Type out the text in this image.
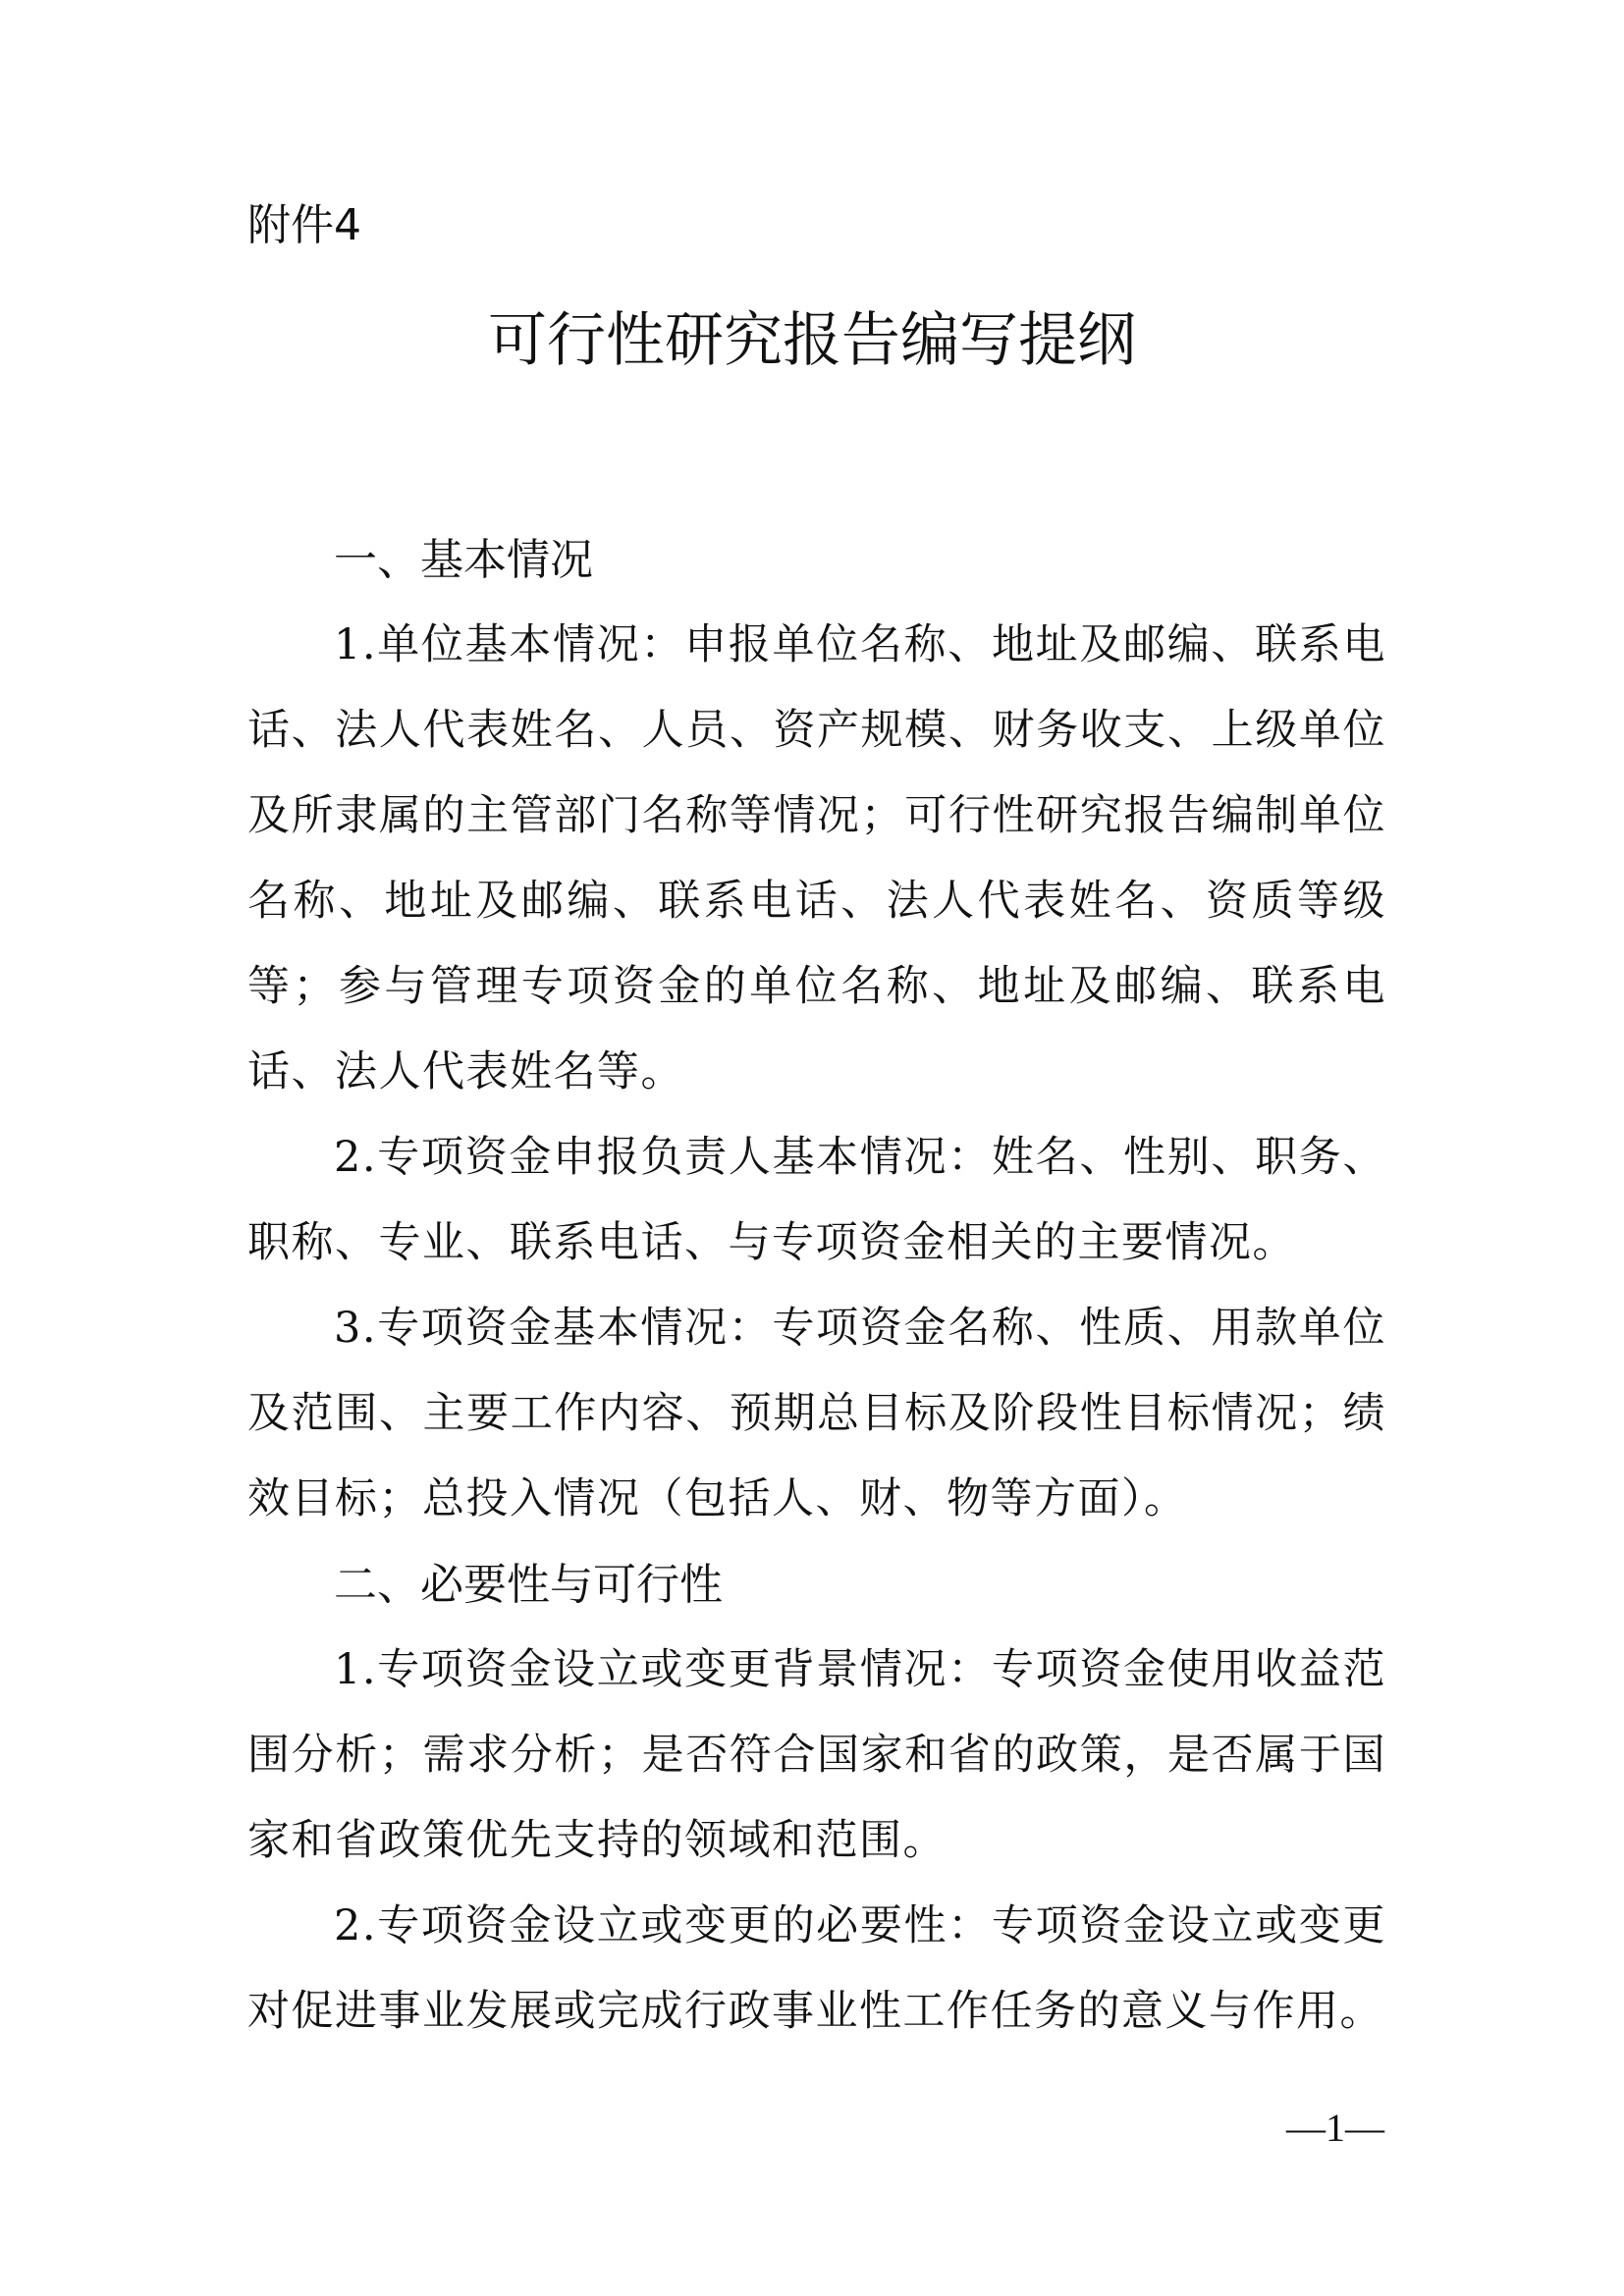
附件4
可行性研究报告编写提纲
一、基本情况

1.单位基本情况：申报单位名称、地址及邮编、联系电话、法人代表姓名、人员、资产规模、财务收支、上级单位及所隶属的主管部门名称等情况；可行性研究报告编制单位名称、地址及邮编、联系电话、法人代表姓名、资质等级等；参与管理专项资金的单位名称、地址及邮编、联系电话、法人代表姓名等。

2.专项资金申报负责人基本情况：姓名、性别、职务、职称、专业、联系电话、与专项资金相关的主要情况。

3.专项资金基本情况：专项资金名称、性质、用款单位及范围、主要工作内容、预期总目标及阶段性目标情况；绩效目标；总投入情况（包括人、财、物等方面）。

二、必要性与可行性

1.专项资金设立或变更背景情况：专项资金使用收益范围分析；需求分析；是否符合国家和省的政策，是否属于国家和省政策优先支持的领域和范围。

2.专项资金设立或变更的必要性：专项资金设立或变更对促进事业发展或完成行政事业性工作任务的意义与作用。

—1—
